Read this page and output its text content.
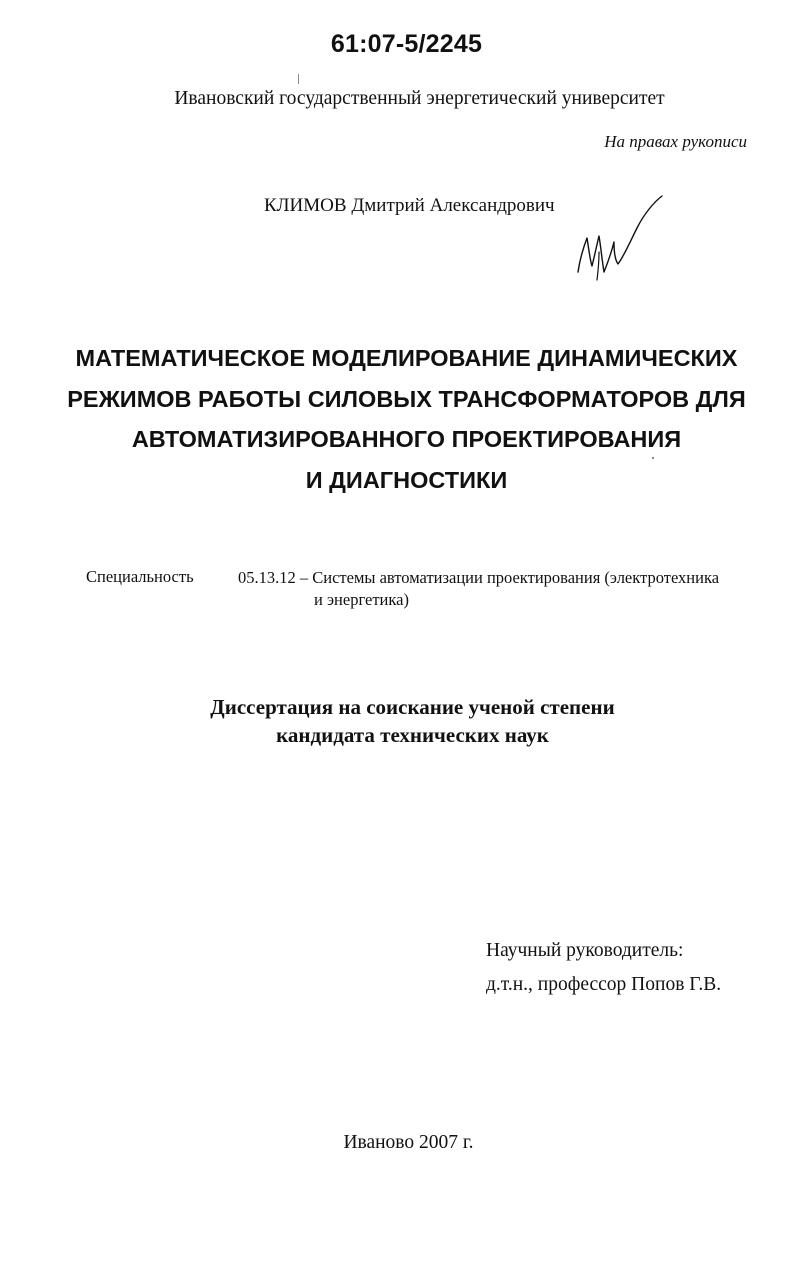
61:07-5/2245
Ивановский государственный энергетический университет
На правах рукописи
КЛИМОВ Дмитрий Александрович
МАТЕМАТИЧЕСКОЕ МОДЕЛИРОВАНИЕ ДИНАМИЧЕСКИХ
РЕЖИМОВ РАБОТЫ СИЛОВЫХ ТРАНСФОРМАТОРОВ ДЛЯ
АВТОМАТИЗИРОВАННОГО ПРОЕКТИРОВАНИЯ
И ДИАГНОСТИКИ
Специальность	05.13.12 – Системы автоматизации проектирования (электротехника
и энергетика)
Диссертация на соискание ученой степени
кандидата технических наук
Научный руководитель:
д.т.н., профессор Попов Г.В.
Иваново 2007 г.
